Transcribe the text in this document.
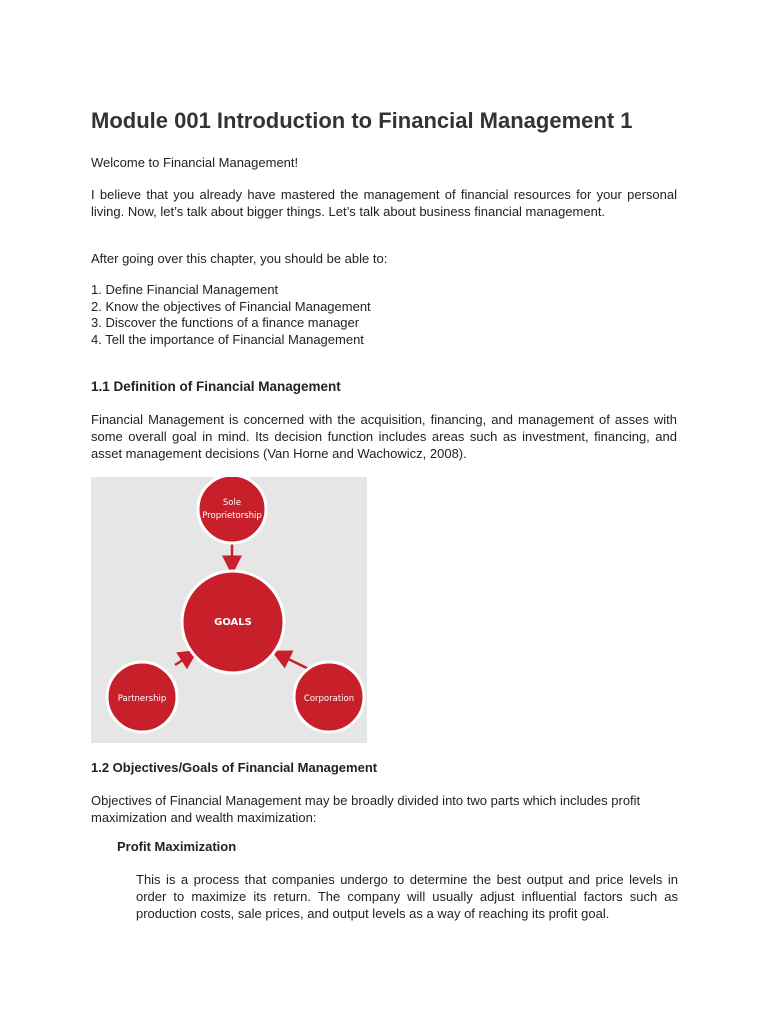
Module 001 Introduction to Financial Management 1

Welcome to Financial Management!

I believe that you already have mastered the management of financial resources for your personal living. Now, let’s talk about bigger things. Let’s talk about business financial management.

After going over this chapter, you should be able to:

1. Define Financial Management
2. Know the objectives of Financial Management
3. Discover the functions of a finance manager
4. Tell the importance of Financial Management
1.1 Definition of Financial Management

Financial Management is concerned with the acquisition, financing, and management of asses with some overall goal in mind. Its decision function includes areas such as investment, financing, and asset management decisions (Van Horne and Wachowicz, 2008).

Sole
Proprietorship
GOALS
Partnership	Corporation
1.2 Objectives/Goals of Financial Management

Objectives of Financial Management may be broadly divided into two parts which includes profit maximization and wealth maximization:

Profit Maximization

This is a process that companies undergo to determine the best output and price levels in order to maximize its return. The company will usually adjust influential factors such as production costs, sale prices, and output levels as a way of reaching its profit goal.
